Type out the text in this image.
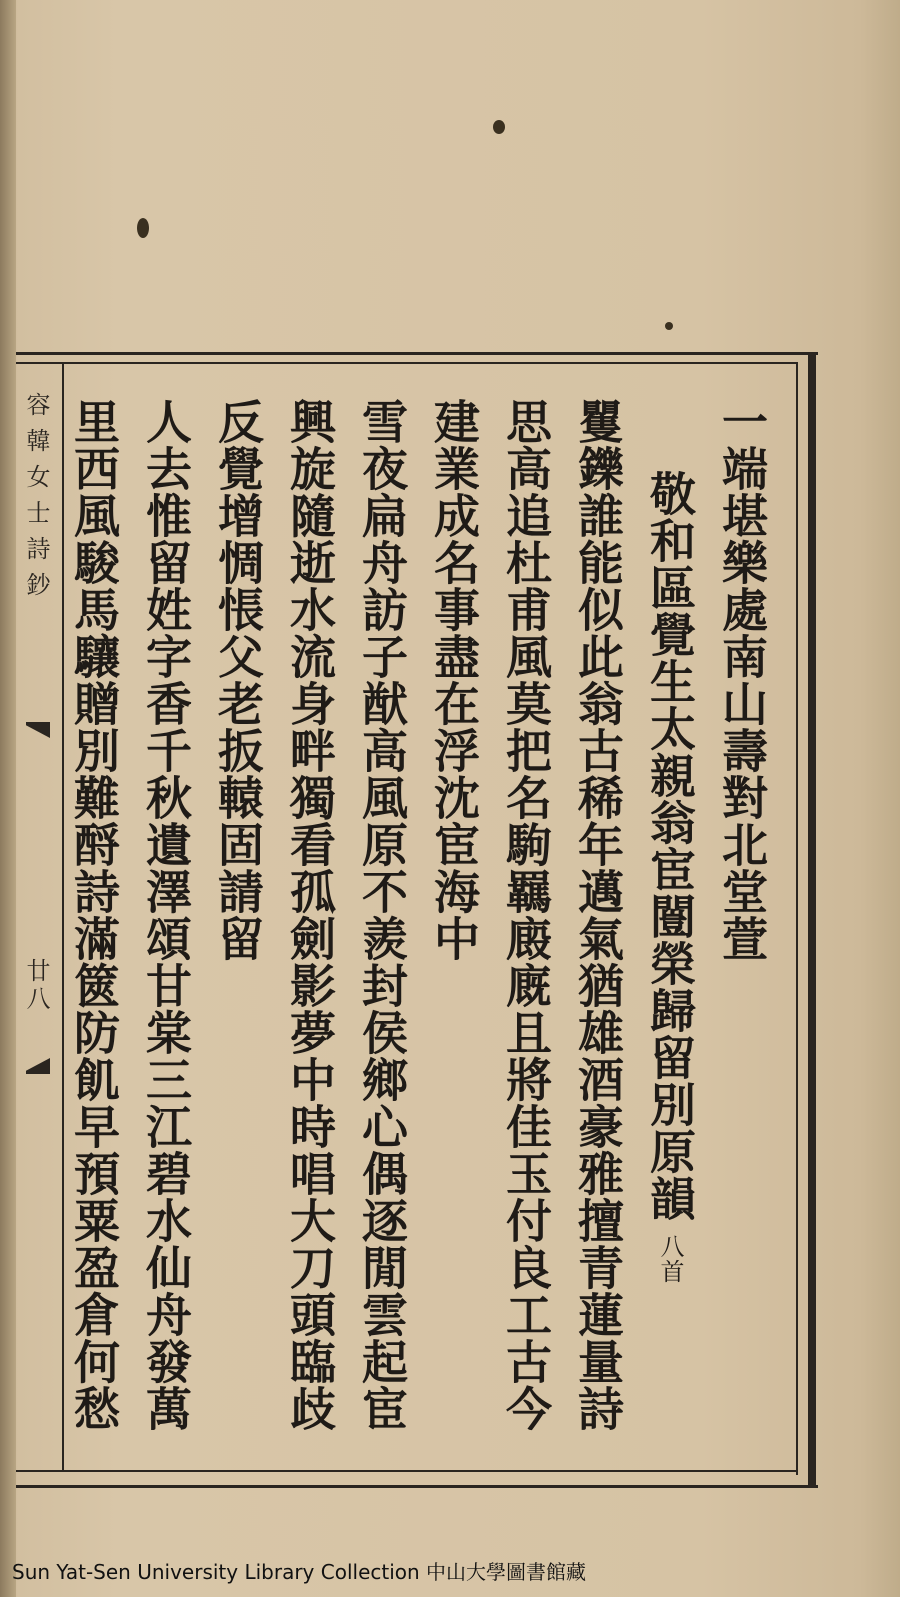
容韓女士詩鈔
廿八
一端堪樂處南山壽對北堂萱
敬和區覺生太親翁宦闓榮歸留別原韻八首
矍鑠誰能似此翁古稀年邁氣猶雄酒豪雅擅青蓮量詩
思高追杜甫風莫把名駒羈廄廐且將佳玉付良工古今
建業成名事盡在浮沈宦海中
雪夜扁舟訪子猷高風原不羨封侯鄉心偶逐閒雲起宦
興旋隨逝水流身畔獨看孤劍影夢中時唱大刀頭臨歧
反覺增惆悵父老扳轅固請留
人去惟留姓字香千秋遺澤頌甘棠三江碧水仙舟發萬
里西風駿馬驤贈別難酹詩滿篋防飢早預粟盈倉何愁
Sun Yat-Sen University Library Collection 中山大學圖書館藏
